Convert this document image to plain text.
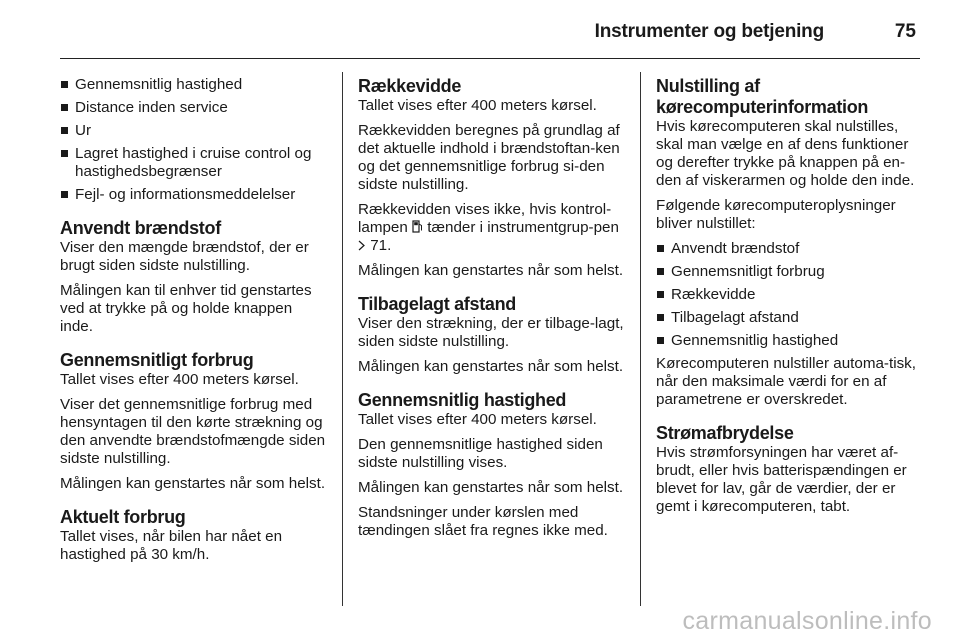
Instrumenter og betjening	75
Gennemsnitlig hastighed
Distance inden service
Ur
Lagret hastighed i cruise control og hastighedsbegrænser
Fejl- og informationsmeddelelser
Anvendt brændstof

Viser den mængde brændstof, der er brugt siden sidste nulstilling.

Målingen kan til enhver tid genstartes ved at trykke på og holde knappen inde.

Gennemsnitligt forbrug

Tallet vises efter 400 meters kørsel.

Viser det gennemsnitlige forbrug med hensyntagen til den kørte strækning og den anvendte brændstofmængde siden sidste nulstilling.

Målingen kan genstartes når som helst.

Aktuelt forbrug

Tallet vises, når bilen har nået en hastighed på 30 km/h.

Rækkevidde

Tallet vises efter 400 meters kørsel.

Rækkevidden beregnes på grundlag af det aktuelle indhold i brændstoftan-ken og det gennemsnitlige forbrug si-den sidste nulstilling.

Rækkevidden vises ikke, hvis kontrol-lampen tænder i instrumentgrup-pen  71.

Målingen kan genstartes når som helst.

Tilbagelagt afstand

Viser den strækning, der er tilbage-lagt, siden sidste nulstilling.

Målingen kan genstartes når som helst.

Gennemsnitlig hastighed

Tallet vises efter 400 meters kørsel.

Den gennemsnitlige hastighed siden sidste nulstilling vises.

Målingen kan genstartes når som helst.

Standsninger under kørslen med tændingen slået fra regnes ikke med.

Nulstilling af kørecomputerinformation

Hvis kørecomputeren skal nulstilles, skal man vælge en af dens funktioner og derefter trykke på knappen på en-den af viskerarmen og holde den inde.

Følgende kørecomputeroplysninger bliver nulstillet:

Anvendt brændstof
Gennemsnitligt forbrug
Rækkevidde
Tilbagelagt afstand
Gennemsnitlig hastighed

Kørecomputeren nulstiller automa-tisk, når den maksimale værdi for en af parametrene er overskredet.

Strømafbrydelse

Hvis strømforsyningen har været af-brudt, eller hvis batterispændingen er blevet for lav, går de værdier, der er gemt i kørecomputeren, tabt.

carmanualsonline.info
